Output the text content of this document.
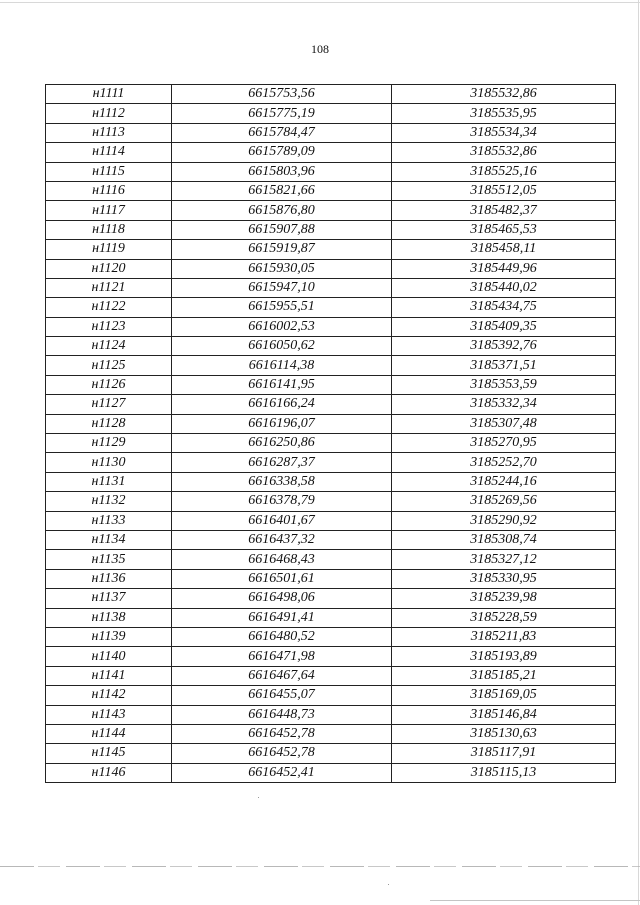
108
н1111	6615753,56	3185532,86
н1112	6615775,19	3185535,95
н1113	6615784,47	3185534,34
н1114	6615789,09	3185532,86
н1115	6615803,96	3185525,16
н1116	6615821,66	3185512,05
н1117	6615876,80	3185482,37
н1118	6615907,88	3185465,53
н1119	6615919,87	3185458,11
н1120	6615930,05	3185449,96
н1121	6615947,10	3185440,02
н1122	6615955,51	3185434,75
н1123	6616002,53	3185409,35
н1124	6616050,62	3185392,76
н1125	6616114,38	3185371,51
н1126	6616141,95	3185353,59
н1127	6616166,24	3185332,34
н1128	6616196,07	3185307,48
н1129	6616250,86	3185270,95
н1130	6616287,37	3185252,70
н1131	6616338,58	3185244,16
н1132	6616378,79	3185269,56
н1133	6616401,67	3185290,92
н1134	6616437,32	3185308,74
н1135	6616468,43	3185327,12
н1136	6616501,61	3185330,95
н1137	6616498,06	3185239,98
н1138	6616491,41	3185228,59
н1139	6616480,52	3185211,83
н1140	6616471,98	3185193,89
н1141	6616467,64	3185185,21
н1142	6616455,07	3185169,05
н1143	6616448,73	3185146,84
н1144	6616452,78	3185130,63
н1145	6616452,78	3185117,91
н1146	6616452,41	3185115,13
